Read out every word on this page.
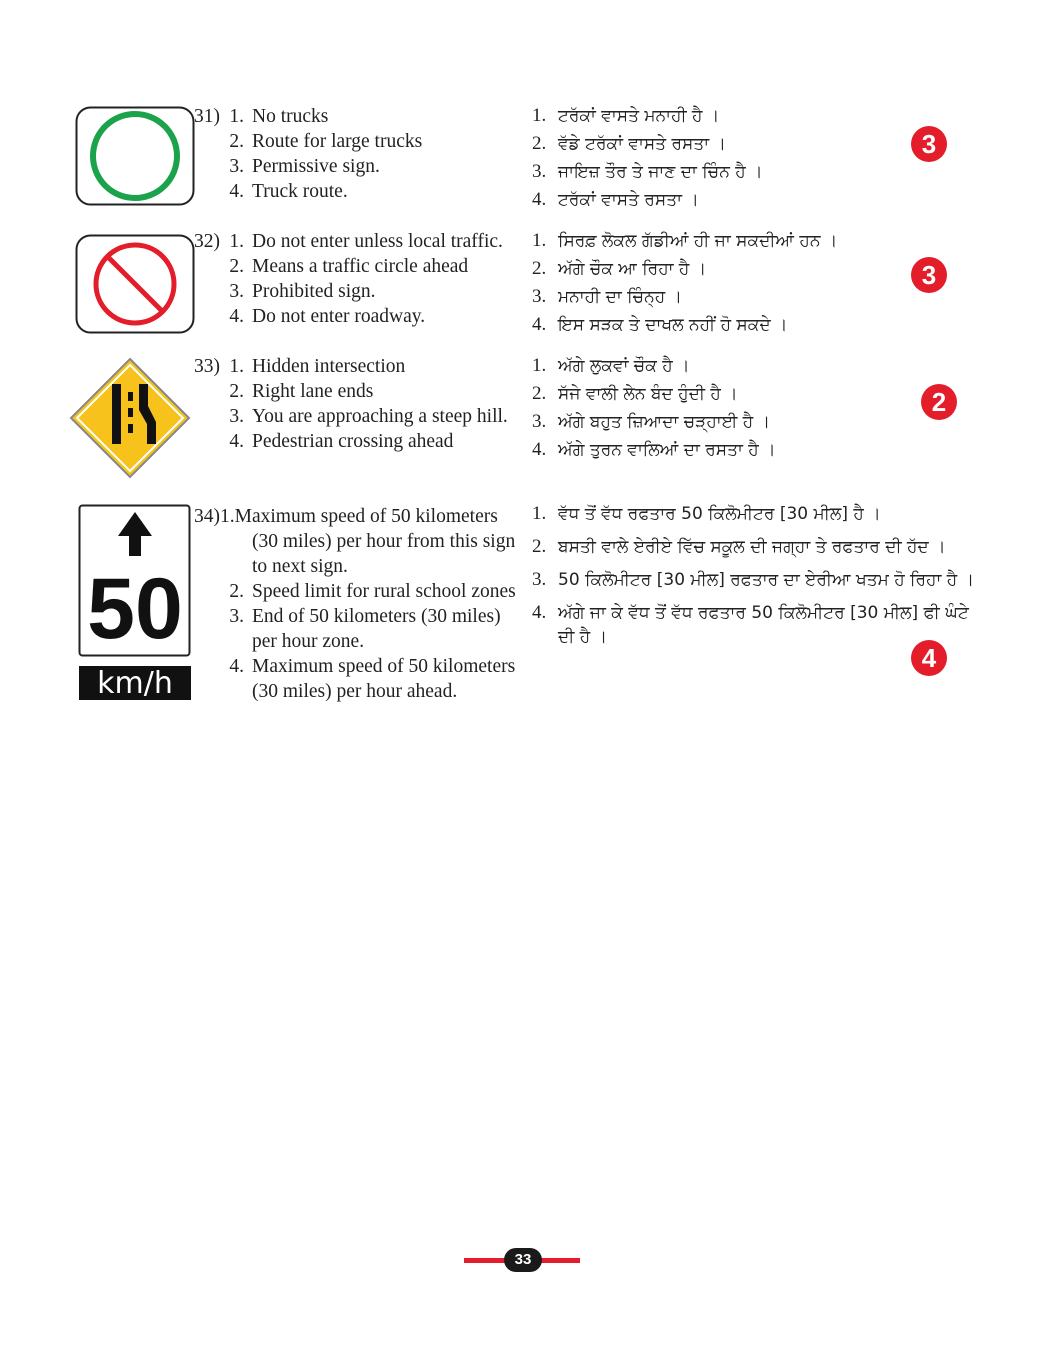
31) 1. No trucks
2. Route for large trucks
3. Permissive sign.
4. Truck route.
1. ਟਰੱਕਾਂ ਵਾਸਤੇ ਮਨਾਹੀ ਹੈ ।
2. ਵੱਡੇ ਟਰੱਕਾਂ ਵਾਸਤੇ ਰਸਤਾ ।
3. ਜਾਇਜ਼ ਤੌਰ ਤੇ ਜਾਣ ਦਾ ਚਿੰਨ ਹੈ ।
4. ਟਰੱਕਾਂ ਵਾਸਤੇ ਰਸਤਾ ।
3
32) 1. Do not enter unless local traffic.
2. Means a traffic circle ahead
3. Prohibited sign.
4. Do not enter roadway.
1. ਸਿਰਫ਼ ਲੋਕਲ ਗੱਡੀਆਂ ਹੀ ਜਾ ਸਕਦੀਆਂ ਹਨ ।
2. ਅੱਗੇ ਚੌਕ ਆ ਰਿਹਾ ਹੈ ।
3. ਮਨਾਹੀ ਦਾ ਚਿੰਨ੍ਹ ।
4. ਇਸ ਸੜਕ ਤੇ ਦਾਖਲ ਨਹੀਂ ਹੋ ਸਕਦੇ ।
3
33) 1. Hidden intersection
2. Right lane ends
3. You are approaching a steep hill.
4. Pedestrian crossing ahead
1. ਅੱਗੇ ਲੁਕਵਾਂ ਚੌਕ ਹੈ ।
2. ਸੱਜੇ ਵਾਲੀ ਲੇਨ ਬੰਦ ਹੁੰਦੀ ਹੈ ।
3. ਅੱਗੇ ਬਹੁਤ ਜ਼ਿਆਦਾ ਚੜ੍ਹਾਈ ਹੈ ।
4. ਅੱਗੇ ਤੁਰਨ ਵਾਲਿਆਂ ਦਾ ਰਸਤਾ ਹੈ ।
2
50
km/h
34)1.Maximum speed of 50 kilometers
(30 miles) per hour from this sign
to next sign.
2. Speed limit for rural school zones
3. End of 50 kilometers (30 miles)
per hour zone.
4. Maximum speed of 50 kilometers
(30 miles) per hour ahead.
1. ਵੱਧ ਤੋਂ ਵੱਧ ਰਫਤਾਰ 50 ਕਿਲੋਮੀਟਰ [30 ਮੀਲ] ਹੈ ।
2. ਬਸਤੀ ਵਾਲੇ ਏਰੀਏ ਵਿੱਚ ਸਕੂਲ ਦੀ ਜਗ੍ਹਾ ਤੇ ਰਫਤਾਰ ਦੀ ਹੱਦ ।
3. 50 ਕਿਲੋਮੀਟਰ [30 ਮੀਲ] ਰਫਤਾਰ ਦਾ ਏਰੀਆ ਖਤਮ ਹੋ ਰਿਹਾ ਹੈ ।
4. ਅੱਗੇ ਜਾ ਕੇ ਵੱਧ ਤੋਂ ਵੱਧ ਰਫਤਾਰ 50 ਕਿਲੋਮੀਟਰ [30 ਮੀਲ] ਫੀ ਘੰਟੇ
ਦੀ ਹੈ ।
4
33
